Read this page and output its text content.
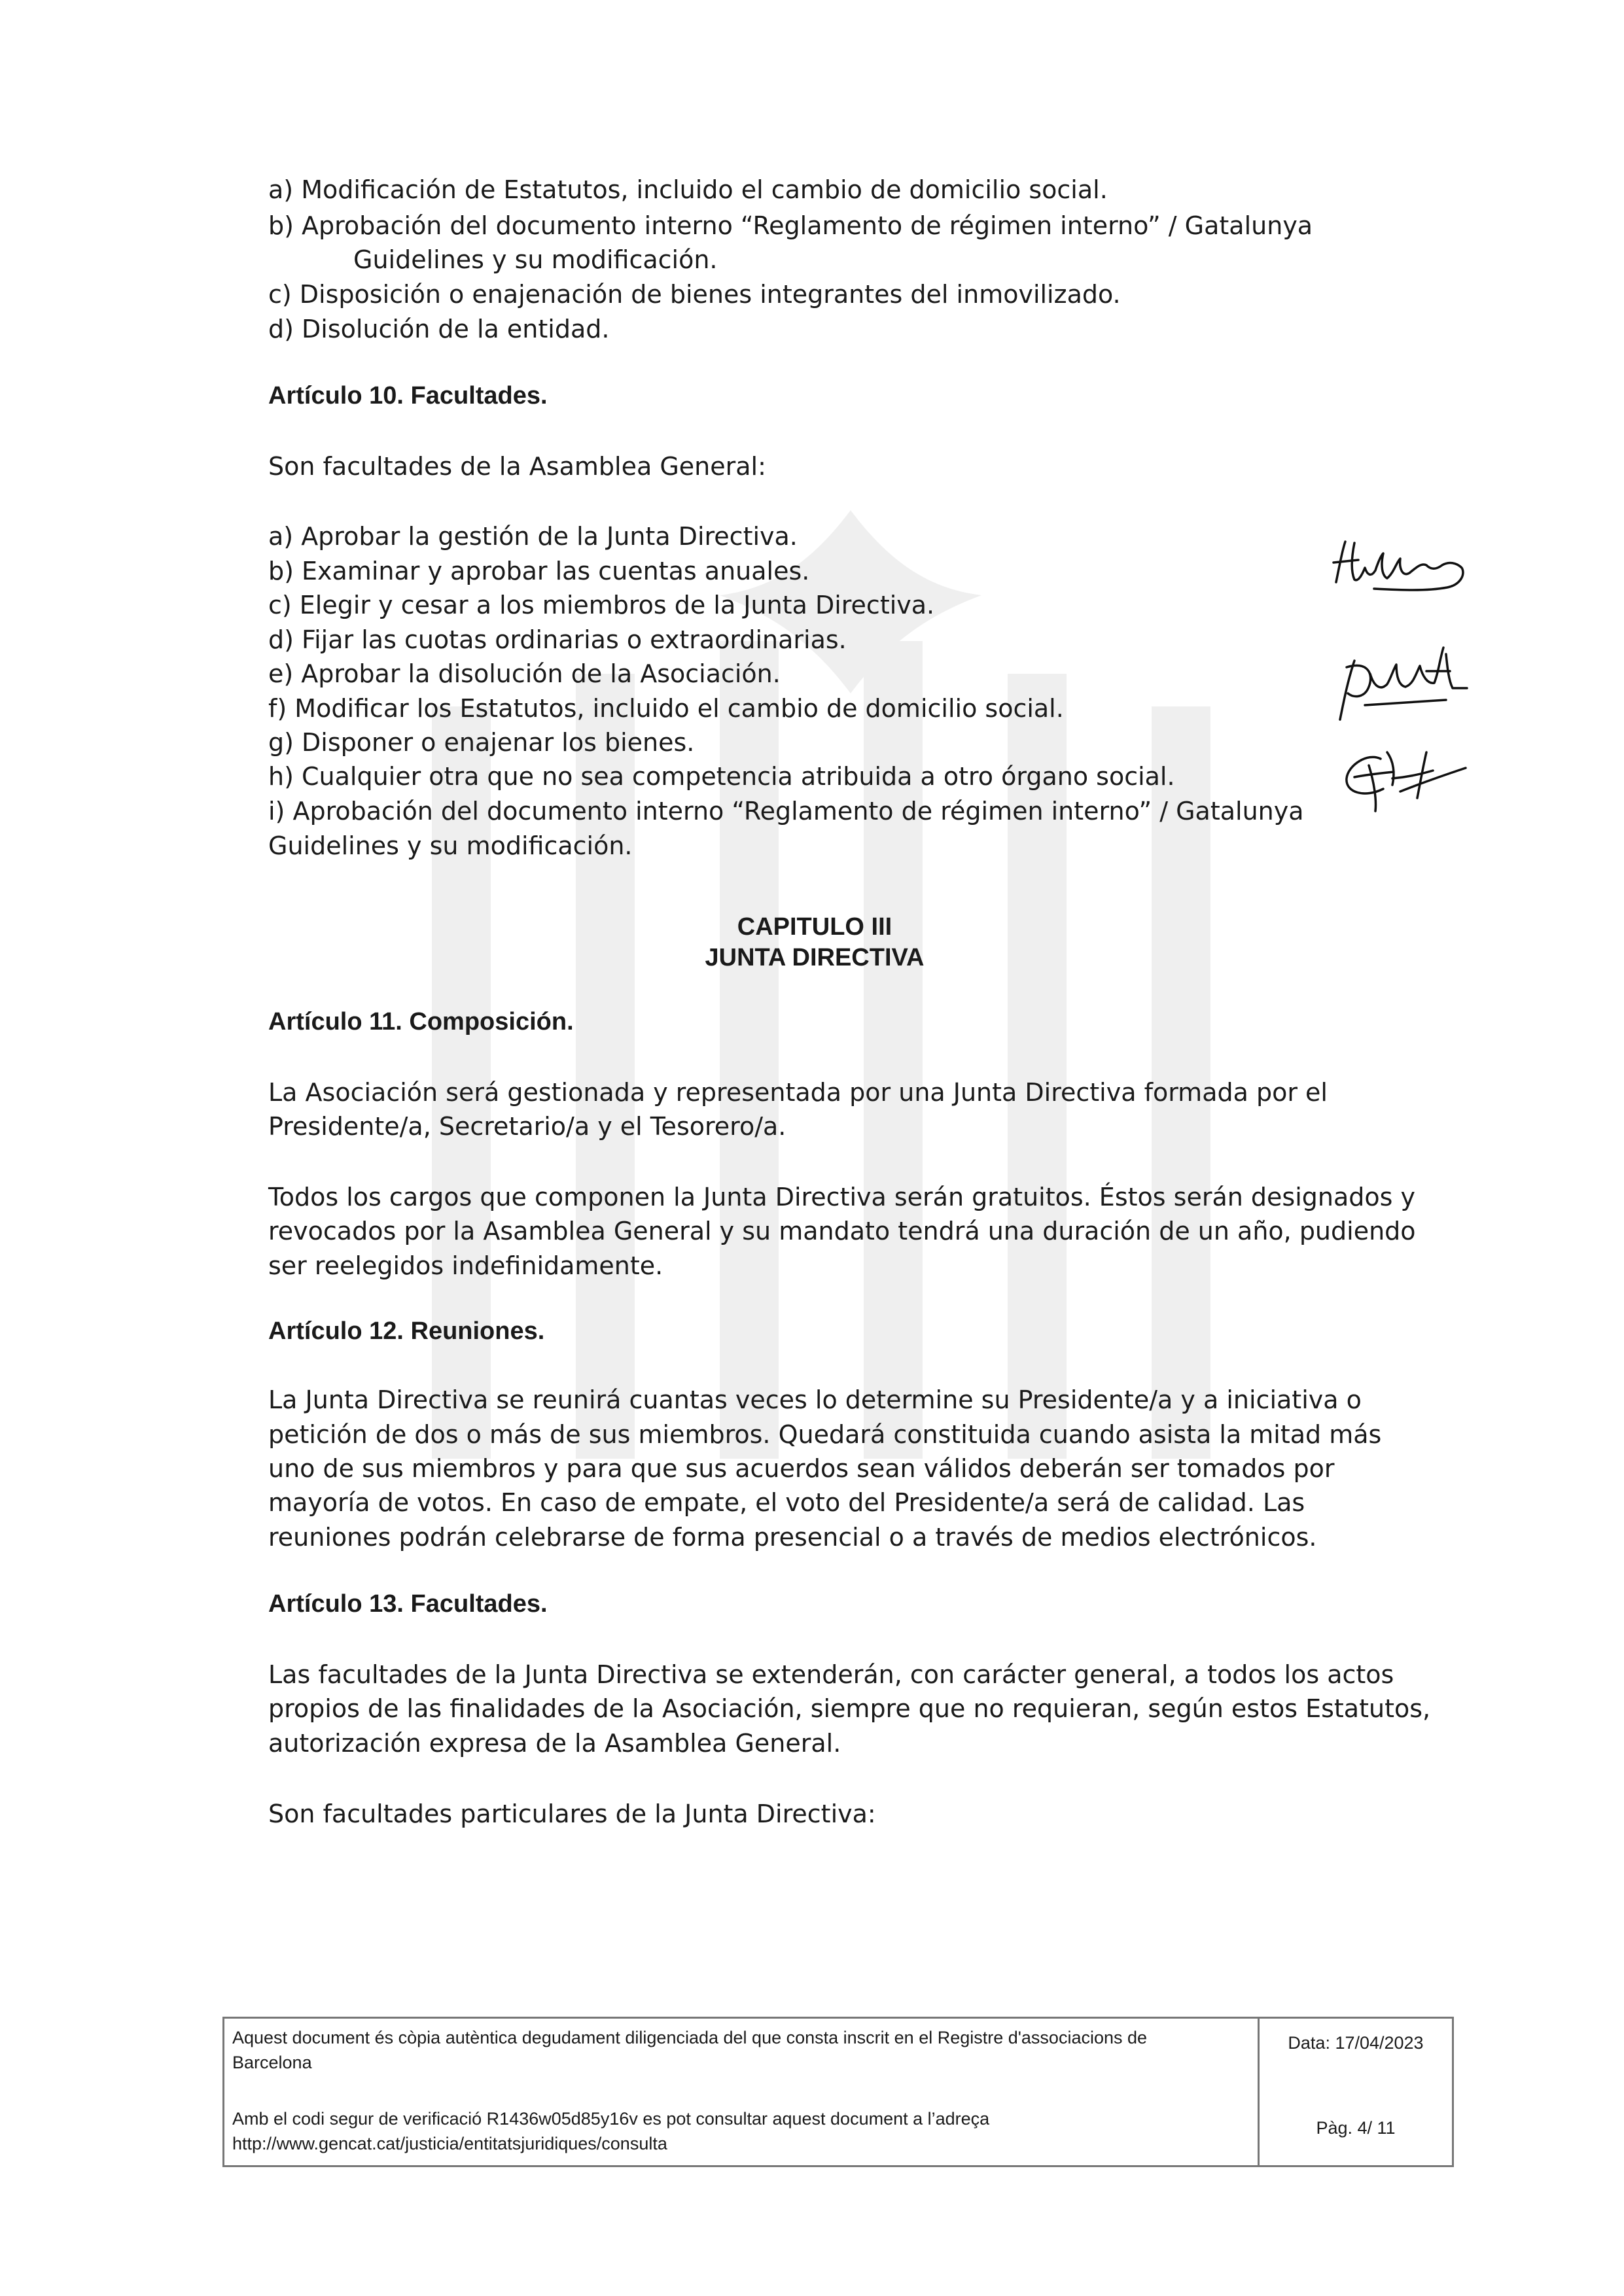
a) Modificación de Estatutos, incluido el cambio de domicilio social.
b) Aprobación del documento interno “Reglamento de régimen interno” / Gatalunya
Guidelines y su modificación.
c) Disposición o enajenación de bienes integrantes del inmovilizado.
d) Disolución de la entidad.
Artículo 10. Facultades.
Son facultades de la Asamblea General:
a) Aprobar la gestión de la Junta Directiva.
b) Examinar y aprobar las cuentas anuales.
c) Elegir y cesar a los miembros de la Junta Directiva.
d) Fijar las cuotas ordinarias o extraordinarias.
e) Aprobar la disolución de la Asociación.
f) Modificar los Estatutos, incluido el cambio de domicilio social.
g) Disponer o enajenar los bienes.
h) Cualquier otra que no sea competencia atribuida a otro órgano social.
i) Aprobación del documento interno “Reglamento de régimen interno” / Gatalunya
Guidelines y su modificación.
CAPITULO III
JUNTA DIRECTIVA
Artículo 11. Composición.
La Asociación será gestionada y representada por una Junta Directiva formada por el
Presidente/a, Secretario/a y el Tesorero/a.
Todos los cargos que componen la Junta Directiva serán gratuitos. Éstos serán designados y
revocados por la Asamblea General y su mandato tendrá una duración de un año, pudiendo
ser reelegidos indefinidamente.
Artículo 12. Reuniones.
La Junta Directiva se reunirá cuantas veces lo determine su Presidente/a y a iniciativa o
petición de dos o más de sus miembros. Quedará constituida cuando asista la mitad más
uno de sus miembros y para que sus acuerdos sean válidos deberán ser tomados por
mayoría de votos. En caso de empate, el voto del Presidente/a será de calidad. Las
reuniones podrán celebrarse de forma presencial o a través de medios electrónicos.
Artículo 13. Facultades.
Las facultades de la Junta Directiva se extenderán, con carácter general, a todos los actos
propios de las finalidades de la Asociación, siempre que no requieran, según estos Estatutos,
autorización expresa de la Asamblea General.
Son facultades particulares de la Junta Directiva:
Aquest document és còpia autèntica degudament diligenciada del que consta inscrit en el Registre d'associacions de
Barcelona
Amb el codi segur de verificació R1436w05d85y16v es pot consultar aquest document a l’adreça
http://www.gencat.cat/justicia/entitatsjuridiques/consulta
Data: 17/04/2023
Pàg. 4/ 11
